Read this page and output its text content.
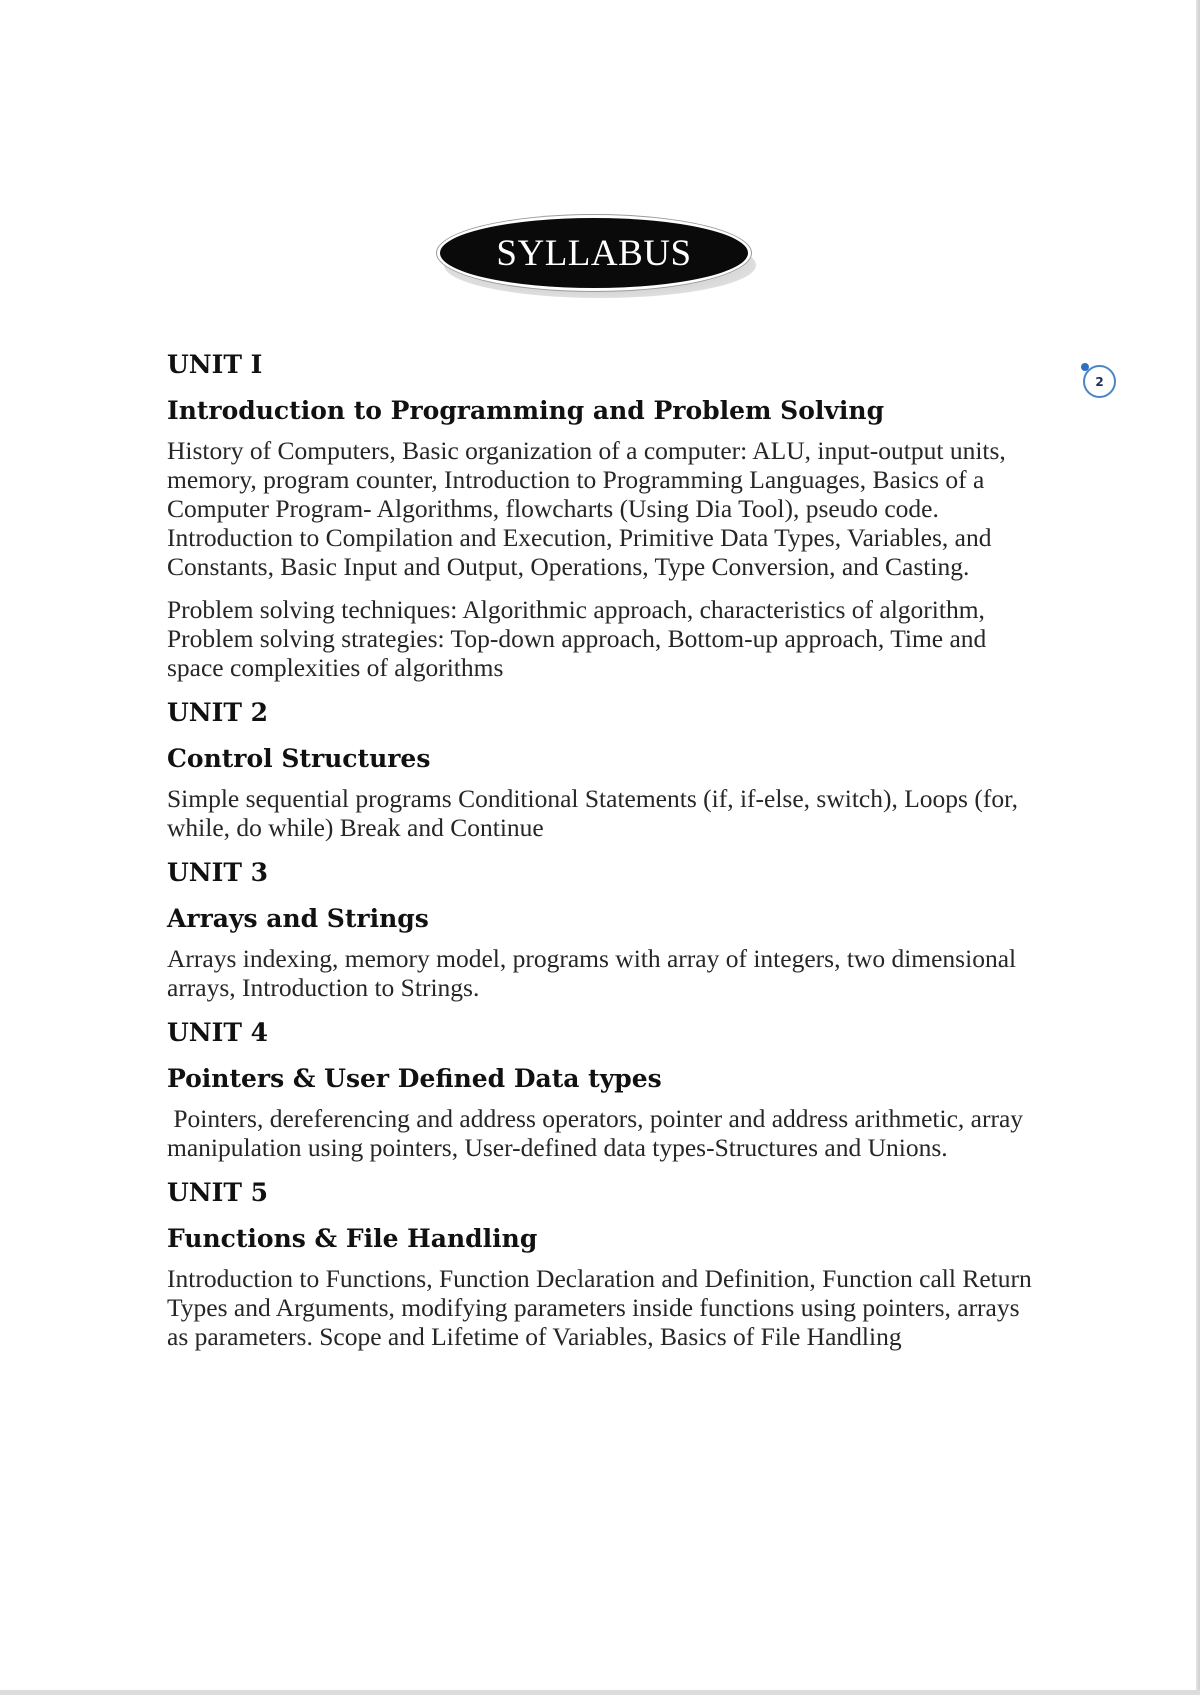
SYLLABUS
2
UNIT I
Introduction to Programming and Problem Solving

History of Computers, Basic organization of a computer: ALU, input-output units, memory, program counter, Introduction to Programming Languages, Basics of a Computer Program- Algorithms, flowcharts (Using Dia Tool), pseudo code. Introduction to Compilation and Execution, Primitive Data Types, Variables, and Constants, Basic Input and Output, Operations, Type Conversion, and Casting.

Problem solving techniques: Algorithmic approach, characteristics of algorithm, Problem solving strategies: Top-down approach, Bottom-up approach, Time and space complexities of algorithms

UNIT 2
Control Structures

Simple sequential programs Conditional Statements (if, if-else, switch), Loops (for, while, do while) Break and Continue

UNIT 3
Arrays and Strings

Arrays indexing, memory model, programs with array of integers, two dimensional arrays, Introduction to Strings.

UNIT 4
Pointers & User Defined Data types

Pointers, dereferencing and address operators, pointer and address arithmetic, array manipulation using pointers, User-defined data types-Structures and Unions.

UNIT 5
Functions & File Handling

Introduction to Functions, Function Declaration and Definition, Function call Return Types and Arguments, modifying parameters inside functions using pointers, arrays as parameters. Scope and Lifetime of Variables, Basics of File Handling
